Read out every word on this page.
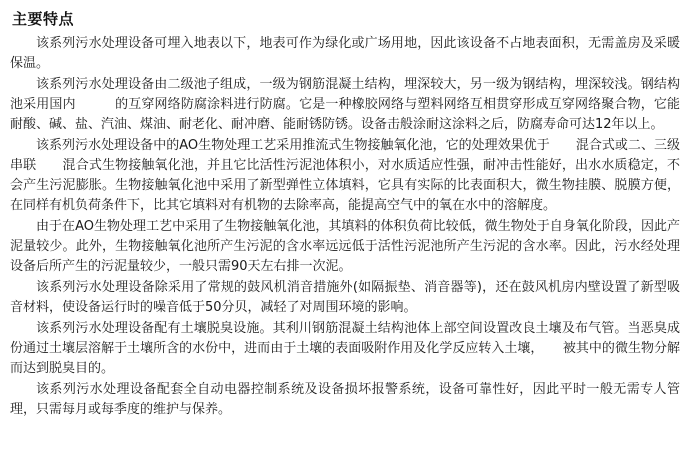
主要特点

该系列污水处理设备可埋入地表以下，地表可作为绿化或广场用地，因此该设备不占地表面积，无需盖房及采暖保温。

该系列污水处理设备由二级池子组成，一级为钢筋混凝土结构，埋深较大，另一级为钢结构，埋深较浅。钢结构池采用国内　　　的互穿网络防腐涂料进行防腐。它是一种橡胶网络与塑料网络互相贯穿形成互穿网络聚合物，它能耐酸、碱、盐、汽油、煤油、耐老化、耐冲磨、能耐锈防锈。设备击般涂耐这涂料之后，防腐寿命可达12年以上。

该系列污水处理设备中的AO生物处理工艺采用推流式生物接触氧化池，它的处理效果优于　　混合式或二、三级串联　　混合式生物接触氧化池，并且它比活性污泥池体积小，对水质适应性强，耐冲击性能好，出水水质稳定，不会产生污泥膨胀。生物接触氧化池中采用了新型弹性立体填料，它具有实际的比表面积大，微生物挂膜、脱膜方便，在同样有机负荷条件下，比其它填料对有机物的去除率高，能提高空气中的氧在水中的溶解度。

由于在AO生物处理工艺中采用了生物接触氧化池，其填料的体积负荷比较低，微生物处于自身氧化阶段，因此产泥量较少。此外，生物接触氧化池所产生污泥的含水率远远低于活性污泥池所产生污泥的含水率。因此，污水经处理设备后所产生的污泥量较少，一般只需90天左右排一次泥。

该系列污水处理设备除采用了常规的鼓风机消音措施外(如隔振垫、消音器等)，还在鼓风机房内壁设置了新型吸音材料，使设备运行时的噪音低于50分贝，减轻了对周围环境的影响。

该系列污水处理设备配有土壤脱臭设施。其利川钢筋混凝土结构池体上部空间设置改良土壤及布气管。当恶臭成份通过土壤层溶解于土壤所含的水份中，进而由于土壤的表面吸附作用及化学反应转入土壤，　　被其中的微生物分解而达到脱臭目的。

该系列污水处理设备配套全自动电器控制系统及设备损坏报警系统，设备可靠性好，因此平时一般无需专人管理，只需每月或每季度的维护与保养。
